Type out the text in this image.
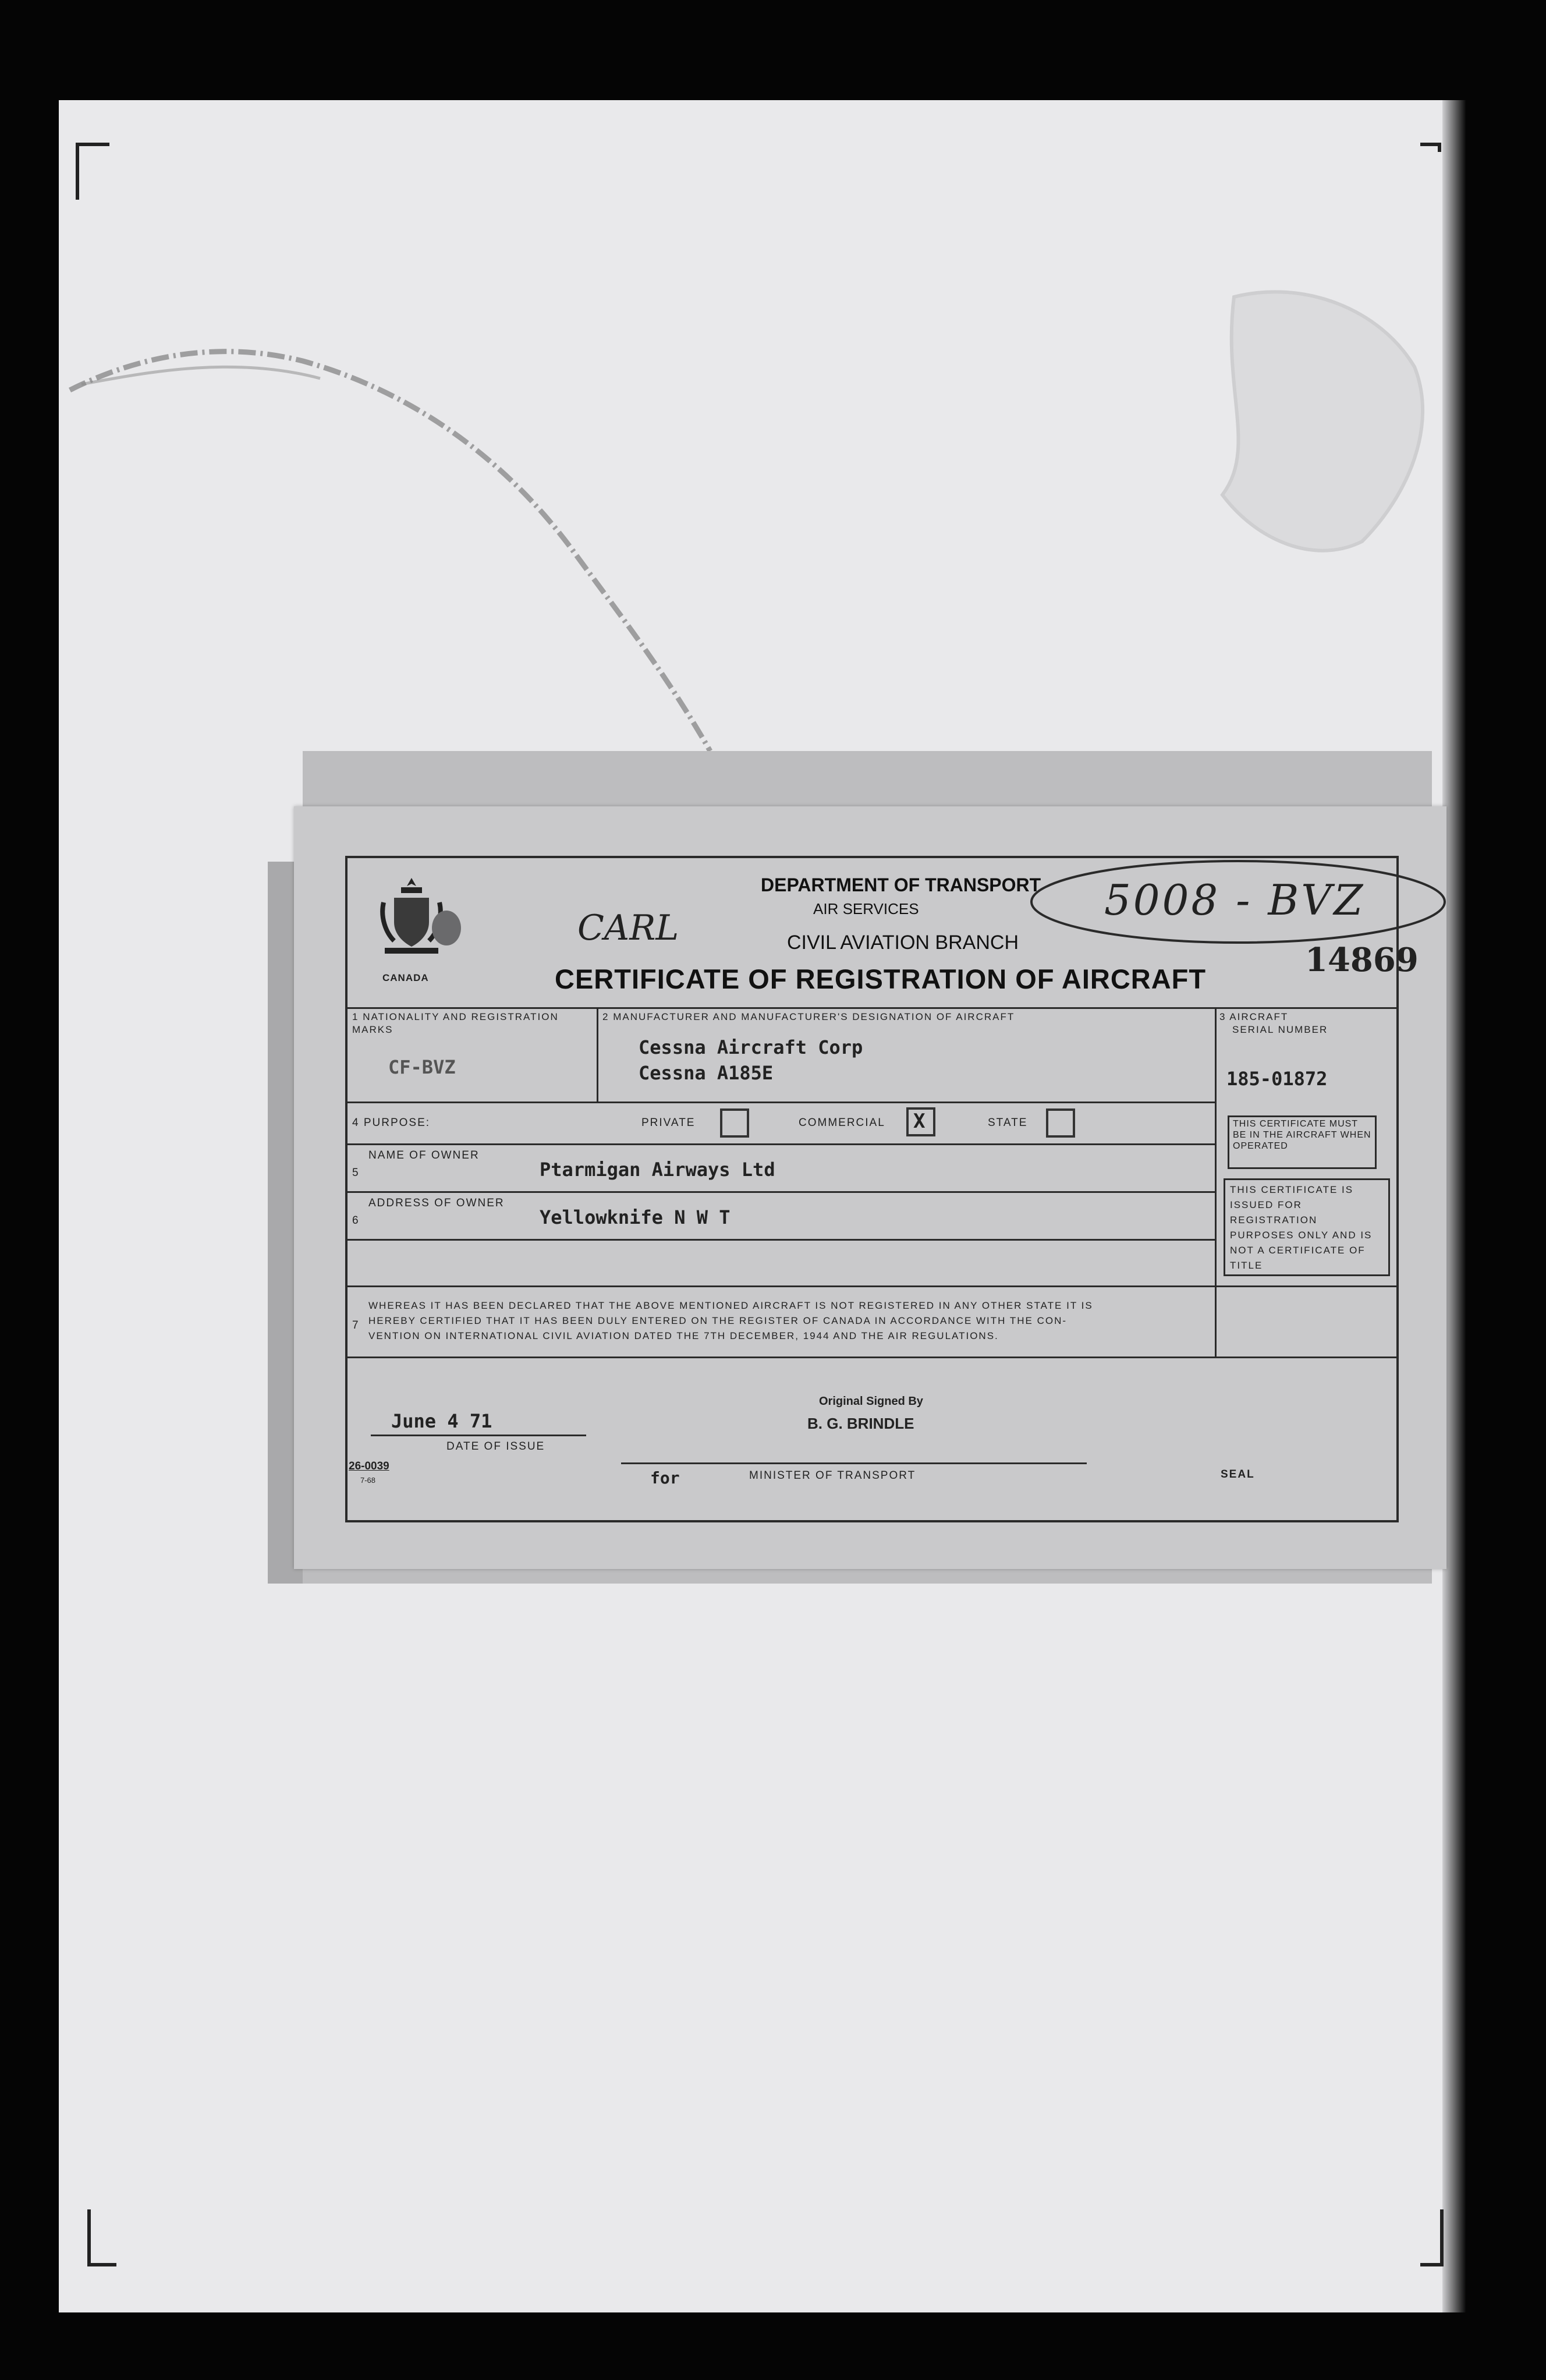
CANADA
DEPARTMENT OF TRANSPORT
AIR SERVICES
CIVIL AVIATION BRANCH
CERTIFICATE OF REGISTRATION OF AIRCRAFT	14869
5008 - BVZ
CARL
1 NATIONALITY AND REGISTRATION MARKS
CF-BVZ
2 MANUFACTURER AND MANUFACTURER'S DESIGNATION OF AIRCRAFT
Cessna Aircraft Corp
Cessna A185E
3 AIRCRAFT
SERIAL NUMBER
185-01872
4 PURPOSE:	PRIVATE	COMMERCIAL X	STATE
5
NAME OF OWNER
Ptarmigan Airways Ltd
6
ADDRESS OF OWNER
Yellowknife N W T
THIS CERTIFICATE MUST BE IN THE AIRCRAFT WHEN OPERATED
THIS CERTIFICATE IS ISSUED FOR REGISTRATION PURPOSES ONLY AND IS NOT A CERTIFICATE OF TITLE
7
WHEREAS IT HAS BEEN DECLARED THAT THE ABOVE MENTIONED AIRCRAFT IS NOT REGISTERED IN ANY OTHER STATE IT IS
HEREBY CERTIFIED THAT IT HAS BEEN DULY ENTERED ON THE REGISTER OF CANADA IN ACCORDANCE WITH THE CON-
VENTION ON INTERNATIONAL CIVIL AVIATION DATED THE 7TH DECEMBER, 1944 AND THE AIR REGULATIONS.
June 4 71
DATE OF ISSUE
Original Signed By
B. G. BRINDLE
for	MINISTER OF TRANSPORT	SEAL
26-0039
7-68
